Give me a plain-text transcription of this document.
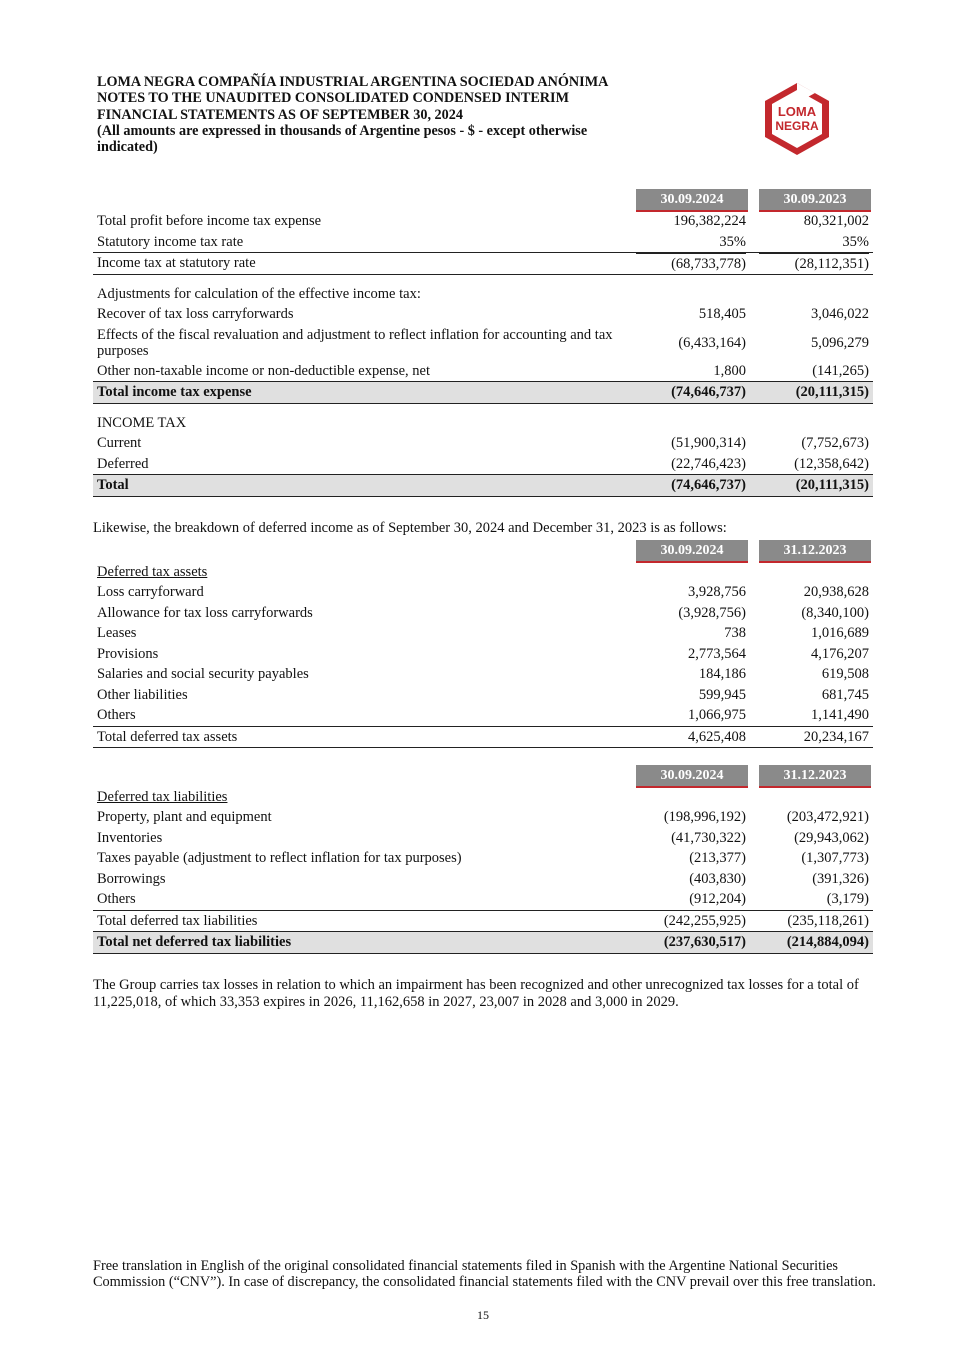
LOMA NEGRA COMPAÑÍA INDUSTRIAL ARGENTINA SOCIEDAD ANÓNIMA
NOTES TO THE UNAUDITED CONSOLIDATED CONDENSED INTERIM
FINANCIAL STATEMENTS AS OF SEPTEMBER 30, 2024
(All amounts are expressed in thousands of Argentine pesos - $ - except otherwise
indicated)
LOMA
NEGRA
30.09.2024	30.09.2023
Total profit before income tax expense	196,382,224	80,321,002
Statutory income tax rate	35%	35%
Income tax at statutory rate	(68,733,778)	(28,112,351)
Adjustments for calculation of the effective income tax:
Recover of tax loss carryforwards	518,405	3,046,022
Effects of the fiscal revaluation and adjustment to reflect inflation for accounting and tax purposes	(6,433,164)	5,096,279
Other non-taxable income or non-deductible expense, net	1,800	(141,265)
Total income tax expense	(74,646,737)	(20,111,315)
INCOME TAX
Current	(51,900,314)	(7,752,673)
Deferred	(22,746,423)	(12,358,642)
Total	(74,646,737)	(20,111,315)
Likewise, the breakdown of deferred income as of September 30, 2024 and December 31, 2023 is as follows:
30.09.2024	31.12.2023
Deferred tax assets
Loss carryforward	3,928,756	20,938,628
Allowance for tax loss carryforwards	(3,928,756)	(8,340,100)
Leases	738	1,016,689
Provisions	2,773,564	4,176,207
Salaries and social security payables	184,186	619,508
Other liabilities	599,945	681,745
Others	1,066,975	1,141,490
Total deferred tax assets	4,625,408	20,234,167
30.09.2024	31.12.2023
Deferred tax liabilities
Property, plant and equipment	(198,996,192)	(203,472,921)
Inventories	(41,730,322)	(29,943,062)
Taxes payable (adjustment to reflect inflation for tax purposes)	(213,377)	(1,307,773)
Borrowings	(403,830)	(391,326)
Others	(912,204)	(3,179)
Total deferred tax liabilities	(242,255,925)	(235,118,261)
Total net deferred tax liabilities	(237,630,517)	(214,884,094)
The Group carries tax losses in relation to which an impairment has been recognized and other unrecognized tax losses for a total of 11,225,018, of which 33,353 expires in 2026, 11,162,658 in 2027, 23,007 in 2028 and 3,000 in 2029.
Free translation in English of the original consolidated financial statements filed in Spanish with the Argentine National Securities Commission (“CNV”). In case of discrepancy, the consolidated financial statements filed with the CNV prevail over this free translation.
15
